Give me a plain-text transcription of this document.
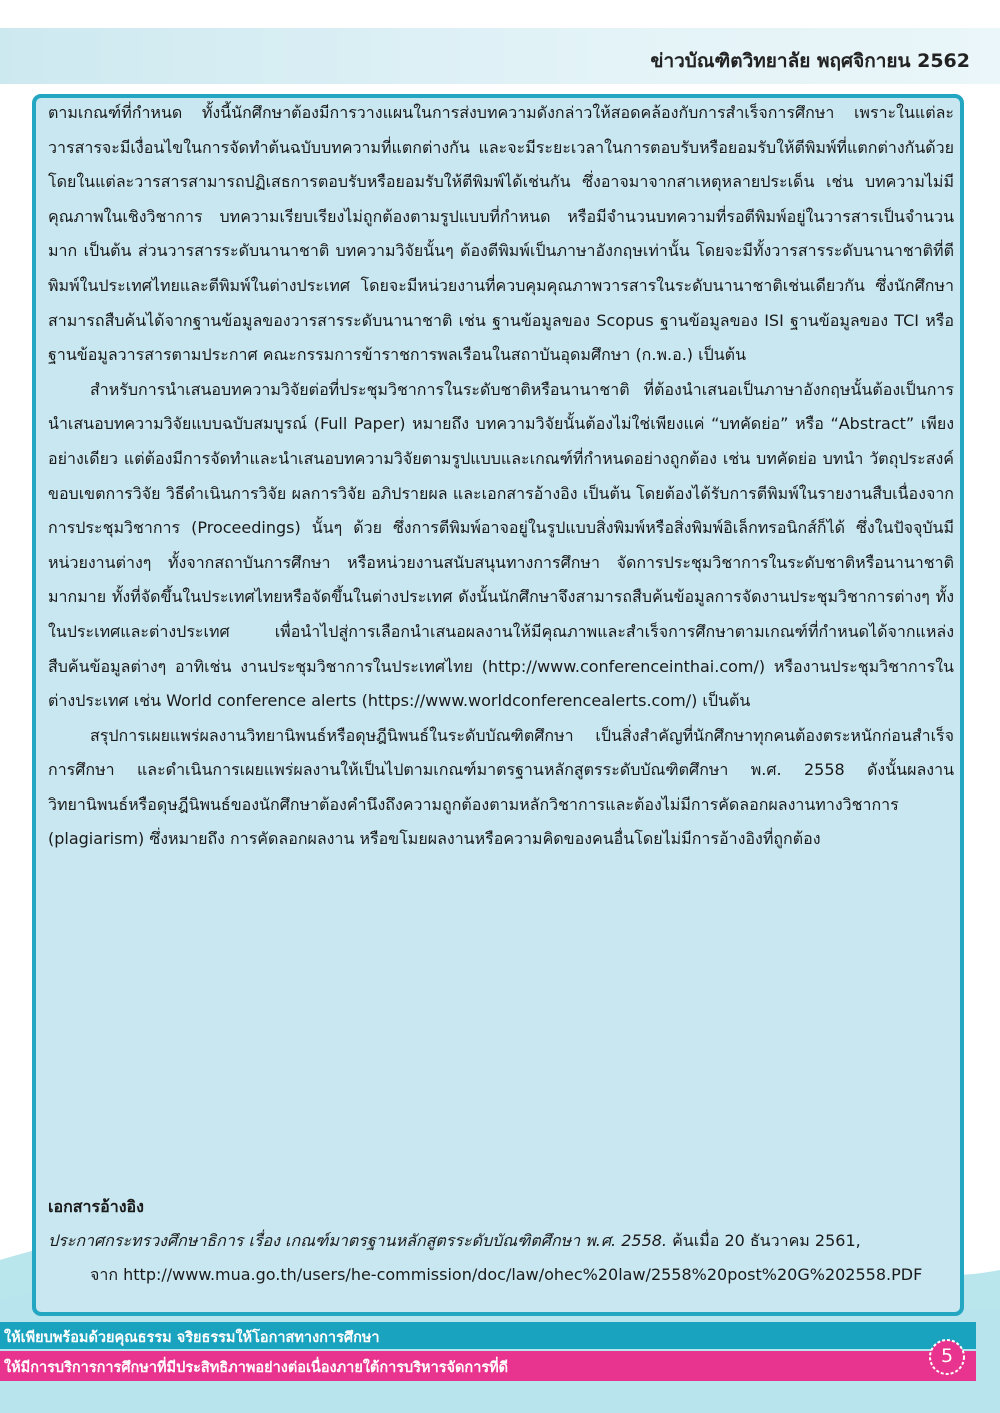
ข่าวบัณฑิตวิทยาลัย พฤศจิกายน 2562

ตามเกณฑ์ที่กำหนด ทั้งนี้นักศึกษาต้องมีการวางแผนในการส่งบทความดังกล่าวให้สอดคล้องกับการสำเร็จการศึกษา เพราะในแต่ละวารสารจะมีเงื่อนไขในการจัดทำต้นฉบับบทความที่แตกต่างกัน และจะมีระยะเวลาในการตอบรับหรือยอมรับให้ตีพิมพ์ที่แตกต่างกันด้วย โดยในแต่ละวารสารสามารถปฏิเสธการตอบรับหรือยอมรับให้ตีพิมพ์ได้เช่นกัน ซึ่งอาจมาจากสาเหตุหลายประเด็น เช่น บทความไม่มีคุณภาพในเชิงวิชาการ บทความเรียบเรียงไม่ถูกต้องตามรูปแบบที่กำหนด หรือมีจำนวนบทความที่รอตีพิมพ์อยู่ในวารสารเป็นจำนวนมาก เป็นต้น ส่วนวารสารระดับนานาชาติ บทความวิจัยนั้นๆ ต้องตีพิมพ์เป็นภาษาอังกฤษเท่านั้น โดยจะมีทั้งวารสารระดับนานาชาติที่ตีพิมพ์ในประเทศไทยและตีพิมพ์ในต่างประเทศ โดยจะมีหน่วยงานที่ควบคุมคุณภาพวารสารในระดับนานาชาติเช่นเดียวกัน ซึ่งนักศึกษาสามารถสืบค้นได้จากฐานข้อมูลของวารสารระดับนานาชาติ เช่น ฐานข้อมูลของ Scopus ฐานข้อมูลของ ISI ฐานข้อมูลของ TCI หรือฐานข้อมูลวารสารตามประกาศ คณะกรรมการข้าราชการพลเรือนในสถาบันอุดมศึกษา (ก.พ.อ.) เป็นต้น

สำหรับการนำเสนอบทความวิจัยต่อที่ประชุมวิชาการในระดับชาติหรือนานาชาติ ที่ต้องนำเสนอเป็นภาษาอังกฤษนั้นต้องเป็นการนำเสนอบทความวิจัยแบบฉบับสมบูรณ์ (Full Paper) หมายถึง บทความวิจัยนั้นต้องไม่ใช่เพียงแค่ “บทคัดย่อ” หรือ “Abstract” เพียงอย่างเดียว แต่ต้องมีการจัดทำและนำเสนอบทความวิจัยตามรูปแบบและเกณฑ์ที่กำหนดอย่างถูกต้อง เช่น บทคัดย่อ บทนำ วัตถุประสงค์ ขอบเขตการวิจัย วิธีดำเนินการวิจัย ผลการวิจัย อภิปรายผล และเอกสารอ้างอิง เป็นต้น โดยต้องได้รับการตีพิมพ์ในรายงานสืบเนื่องจากการประชุมวิชาการ (Proceedings) นั้นๆ ด้วย ซึ่งการตีพิมพ์อาจอยู่ในรูปแบบสิ่งพิมพ์หรือสิ่งพิมพ์อิเล็กทรอนิกส์ก็ได้ ซึ่งในปัจจุบันมีหน่วยงานต่างๆ ทั้งจากสถาบันการศึกษา หรือหน่วยงานสนับสนุนทางการศึกษา จัดการประชุมวิชาการในระดับชาติหรือนานาชาติมากมาย ทั้งที่จัดขึ้นในประเทศไทยหรือจัดขึ้นในต่างประเทศ ดังนั้นนักศึกษาจึงสามารถสืบค้นข้อมูลการจัดงานประชุมวิชาการต่างๆ ทั้งในประเทศและต่างประเทศ เพื่อนำไปสู่การเลือกนำเสนอผลงานให้มีคุณภาพและสำเร็จการศึกษาตามเกณฑ์ที่กำหนดได้จากแหล่งสืบค้นข้อมูลต่างๆ อาทิเช่น งานประชุมวิชาการในประเทศไทย (http://www.conferenceinthai.com/) หรืองานประชุมวิชาการในต่างประเทศ เช่น World conference alerts (https://www.worldconferencealerts.com/) เป็นต้น

สรุปการเผยแพร่ผลงานวิทยานิพนธ์หรือดุษฎีนิพนธ์ในระดับบัณฑิตศึกษา เป็นสิ่งสำคัญที่นักศึกษาทุกคนต้องตระหนักก่อนสำเร็จการศึกษา และดำเนินการเผยแพร่ผลงานให้เป็นไปตามเกณฑ์มาตรฐานหลักสูตรระดับบัณฑิตศึกษา พ.ศ. 2558 ดังนั้นผลงานวิทยานิพนธ์หรือดุษฎีนิพนธ์ของนักศึกษาต้องคำนึงถึงความถูกต้องตามหลักวิชาการและต้องไม่มีการคัดลอกผลงานทางวิชาการ (plagiarism) ซึ่งหมายถึง การคัดลอกผลงาน หรือขโมยผลงานหรือความคิดของคนอื่นโดยไม่มีการอ้างอิงที่ถูกต้อง

เอกสารอ้างอิง

ประกาศกระทรวงศึกษาธิการ เรื่อง เกณฑ์มาตรฐานหลักสูตรระดับบัณฑิตศึกษา พ.ศ. 2558. ค้นเมื่อ 20 ธันวาคม 2561,

จาก http://www.mua.go.th/users/he-commission/doc/law/ohec%20law/2558%20post%20G%202558.PDF

ให้เพียบพร้อมด้วยคุณธรรม จริยธรรมให้โอกาสทางการศึกษา
ให้มีการบริการการศึกษาที่มีประสิทธิภาพอย่างต่อเนื่องภายใต้การบริหารจัดการที่ดี
5
